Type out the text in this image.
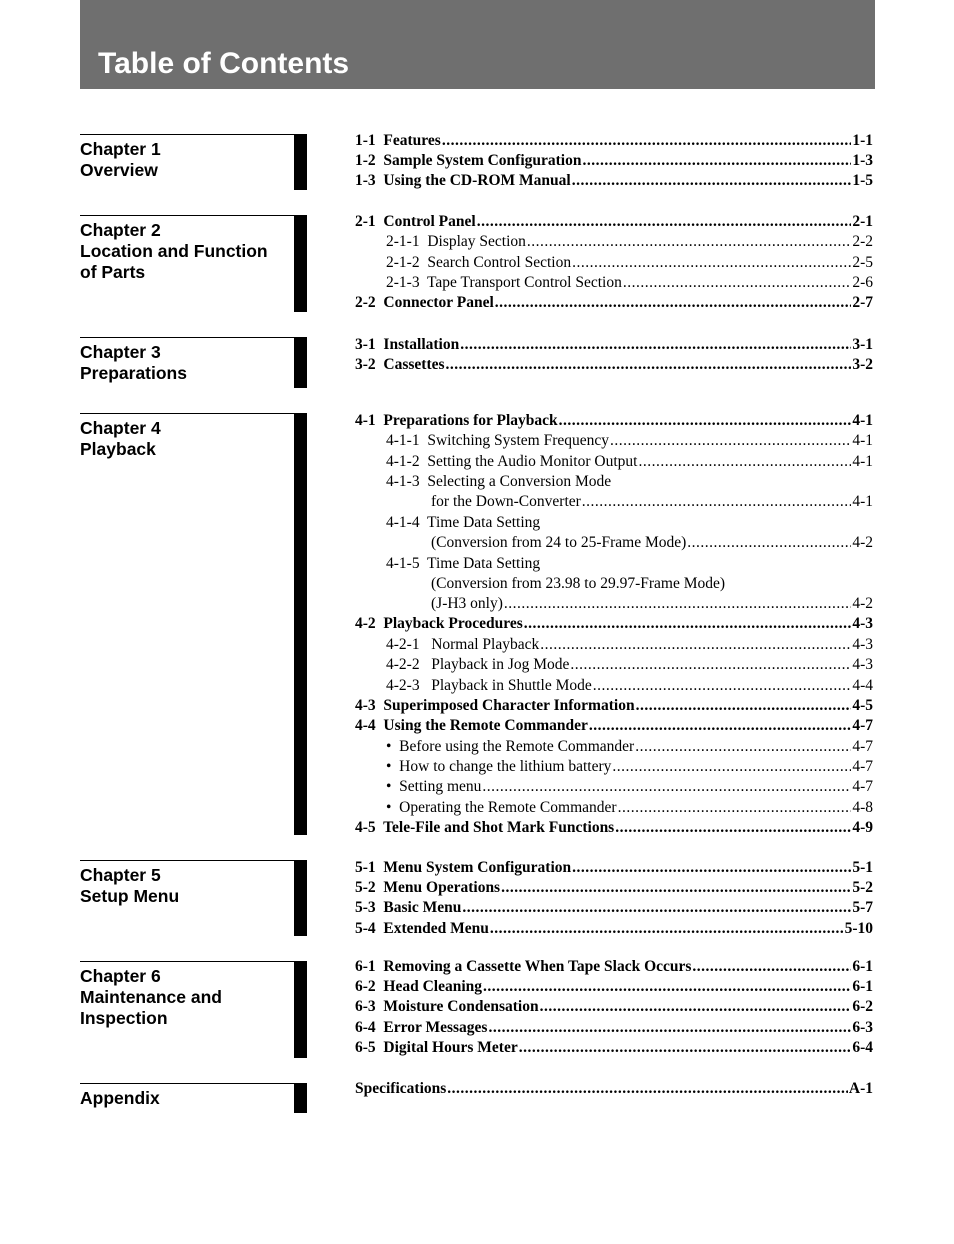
Table of Contents
Chapter 1
Overview
Chapter 2
Location and Function
of Parts
Chapter 3
Preparations
Chapter 4
Playback
Chapter 5
Setup Menu
Chapter 6
Maintenance and
Inspection
Appendix
1-1  Features .....	1-1
1-2  Sample System Configuration .....	1-3
1-3  Using the CD-ROM Manual .....	1-5
2-1  Control Panel .....	2-1
2-1-1  Display Section .....	2-2
2-1-2  Search Control Section .....	2-5
2-1-3  Tape Transport Control Section .....	2-6
2-2  Connector Panel .....	2-7
3-1  Installation .....	3-1
3-2  Cassettes .....	3-2
4-1  Preparations for Playback .....	4-1
4-1-1  Switching System Frequency .....	4-1
4-1-2  Setting the Audio Monitor Output .....	4-1
4-1-3  Selecting a Conversion Mode
for the Down-Converter .....	4-1
4-1-4  Time Data Setting
(Conversion from 24 to 25-Frame Mode) .....	4-2
4-1-5  Time Data Setting
(Conversion from 23.98 to 29.97-Frame Mode)
(J-H3 only) .....	4-2
4-2  Playback Procedures .....	4-3
4-2-1   Normal Playback .....	4-3
4-2-2   Playback in Jog Mode .....	4-3
4-2-3   Playback in Shuttle Mode .....	4-4
4-3  Superimposed Character Information .....	4-5
4-4  Using the Remote Commander .....	4-7
•  Before using the Remote Commander .....	4-7
•  How to change the lithium battery .....	4-7
•  Setting menu .....	4-7
•  Operating the Remote Commander .....	4-8
4-5  Tele-File and Shot Mark Functions .....	4-9
5-1  Menu System Configuration .....	5-1
5-2  Menu Operations .....	5-2
5-3  Basic Menu .....	5-7
5-4  Extended Menu .....	5-10
6-1  Removing a Cassette When Tape Slack Occurs .....	6-1
6-2  Head Cleaning .....	6-1
6-3  Moisture Condensation .....	6-2
6-4  Error Messages .....	6-3
6-5  Digital Hours Meter .....	6-4
Specifications .....	A-1
